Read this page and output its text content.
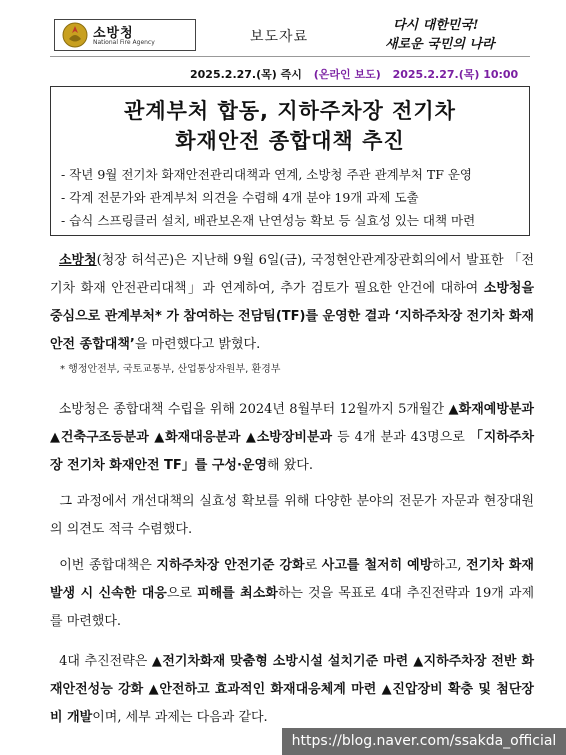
소방청
National Fire Agency	보도자료
다시 대한민국!
새로운 국민의 나라
2025.2.27.(목) 즉시 (온라인 보도) 2025.2.27.(목) 10:00
관계부처 합동, 지하주차장 전기차
화재안전 종합대책 추진
- 작년 9월 전기차 화재안전관리대책과 연계, 소방청 주관 관계부처 TF 운영
- 각계 전문가와 관계부처 의견을 수렴해 4개 분야 19개 과제 도출
- 습식 스프링클러 설치, 배관보온재 난연성능 확보 등 실효성 있는 대책 마련
소방청(청장 허석곤)은 지난해 9월 6일(금), 국정현안관계장관회의에서 발표한 「전기차 화재 안전관리대책」과 연계하여, 추가 검토가 필요한 안건에 대하여 소방청을 중심으로 관계부처* 가 참여하는 전담팀(TF)를 운영한 결과 ‘지하주차장 전기차 화재안전 종합대책’을 마련했다고 밝혔다.
* 행정안전부, 국토교통부, 산업통상자원부, 환경부
소방청은 종합대책 수립을 위해 2024년 8월부터 12월까지 5개월간 ▲화재예방분과 ▲건축구조등분과 ▲화재대응분과 ▲소방장비분과 등 4개 분과 43명으로 「지하주차장 전기차 화재안전 TF」를 구성·운영해 왔다.
그 과정에서 개선대책의 실효성 확보를 위해 다양한 분야의 전문가 자문과 현장대원의 의견도 적극 수렴했다.
이번 종합대책은 지하주차장 안전기준 강화로 사고를 철저히 예방하고, 전기차 화재발생 시 신속한 대응으로 피해를 최소화하는 것을 목표로 4대 추진전략과 19개 과제를 마련했다.
4대 추진전략은 ▲전기차화재 맞춤형 소방시설 설치기준 마련 ▲지하주차장 전반 화재안전성능 강화 ▲안전하고 효과적인 화재대응체계 마련 ▲진압장비 확충 및 첨단장비 개발이며, 세부 과제는 다음과 같다.
https://blog.naver.com/ssakda_official
